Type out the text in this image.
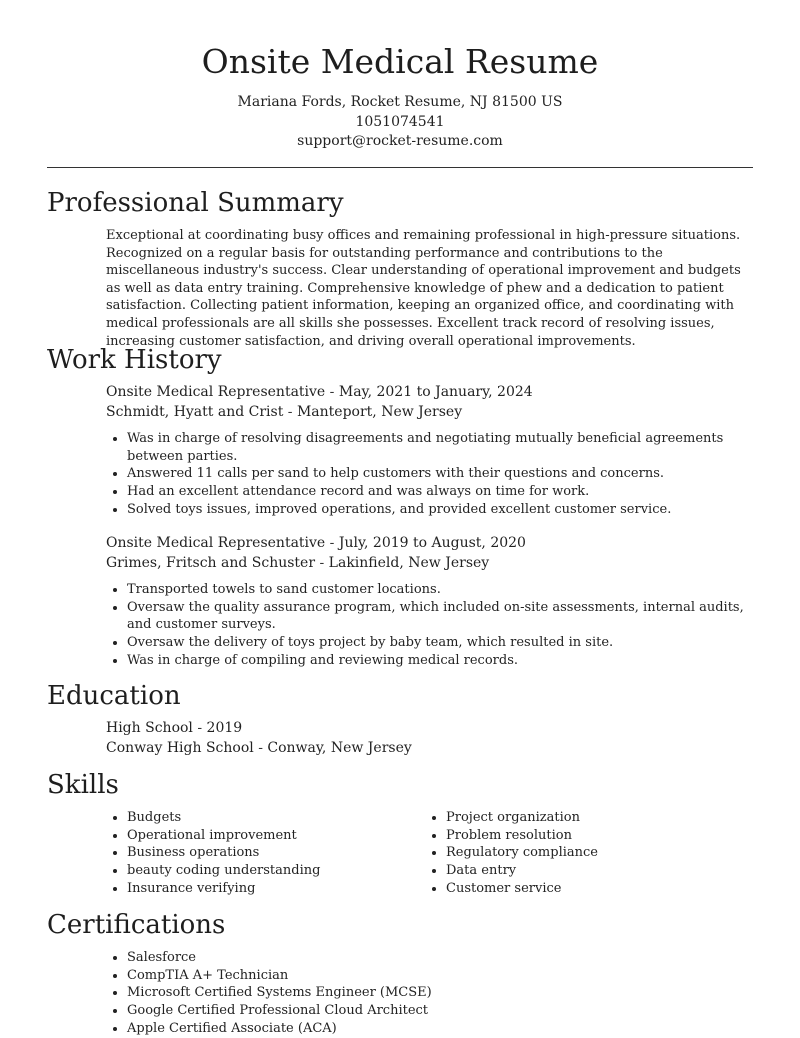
Onsite Medical Resume
Mariana Fords, Rocket Resume, NJ 81500 US
1051074541
support@rocket-resume.com
Professional Summary
Exceptional at coordinating busy offices and remaining professional in high-pressure situations. Recognized on a regular basis for outstanding performance and contributions to the miscellaneous industry's success. Clear understanding of operational improvement and budgets as well as data entry training. Comprehensive knowledge of phew and a dedication to patient satisfaction. Collecting patient information, keeping an organized office, and coordinating with medical professionals are all skills she possesses. Excellent track record of resolving issues, increasing customer satisfaction, and driving overall operational improvements.
Work History
Onsite Medical Representative - May, 2021 to January, 2024
Schmidt, Hyatt and Crist - Manteport, New Jersey
• Was in charge of resolving disagreements and negotiating mutually beneficial agreements between parties.
• Answered 11 calls per sand to help customers with their questions and concerns.
• Had an excellent attendance record and was always on time for work.
• Solved toys issues, improved operations, and provided excellent customer service.
Onsite Medical Representative - July, 2019 to August, 2020
Grimes, Fritsch and Schuster - Lakinfield, New Jersey
• Transported towels to sand customer locations.
• Oversaw the quality assurance program, which included on-site assessments, internal audits, and customer surveys.
• Oversaw the delivery of toys project by baby team, which resulted in site.
• Was in charge of compiling and reviewing medical records.
Education
High School - 2019
Conway High School - Conway, New Jersey
Skills
• Budgets
• Operational improvement
• Business operations
• beauty coding understanding
• Insurance verifying
• Project organization
• Problem resolution
• Regulatory compliance
• Data entry
• Customer service
Certifications
• Salesforce
• CompTIA A+ Technician
• Microsoft Certified Systems Engineer (MCSE)
• Google Certified Professional Cloud Architect
• Apple Certified Associate (ACA)
